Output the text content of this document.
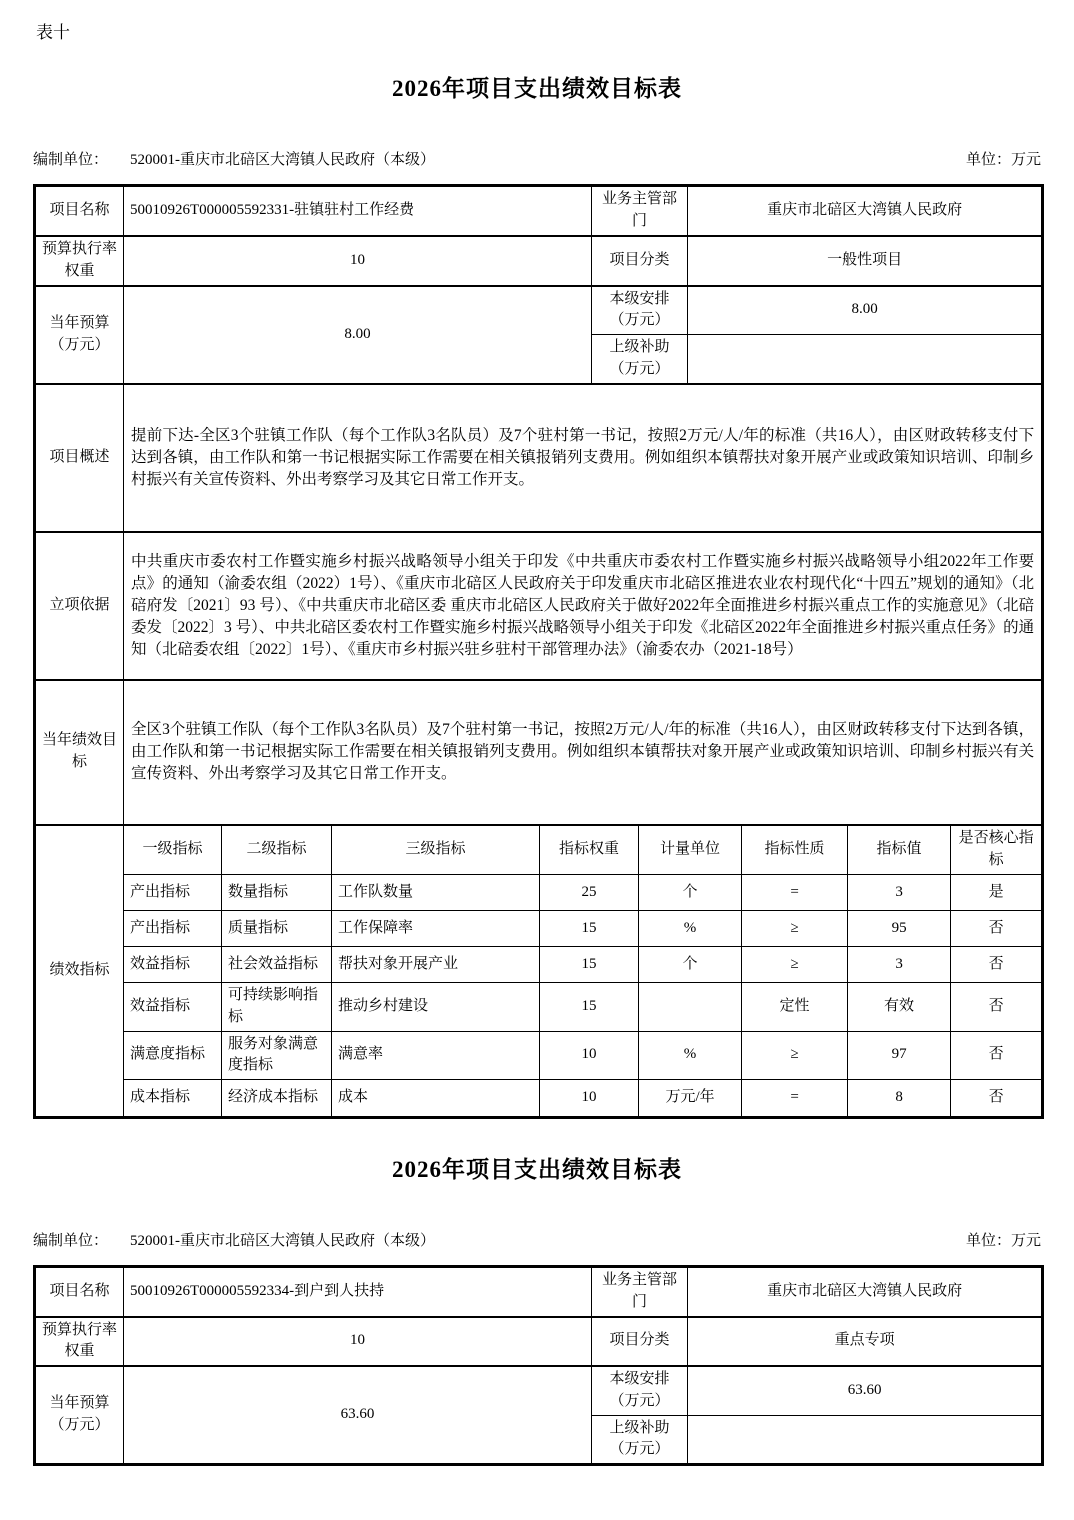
表十
2026年项目支出绩效目标表
编制单位： 520001-重庆市北碚区大湾镇人民政府（本级）	单位：万元
项目名称	50010926T000005592331-驻镇驻村工作经费				业务主管部门		重庆市北碚区大湾镇人民政府			
预算执行率权重	10				项目分类		一般性项目			
当年预算（万元）	8.00				本级安排（万元）		8.00			
					上级补助（万元）					
项目概述	提前下达-全区3个驻镇工作队（每个工作队3名队员）及7个驻村第一书记，按照2万元/人/年的标准（共16人），由区财政转移支付下达到各镇，由工作队和第一书记根据实际工作需要在相关镇报销列支费用。例如组织本镇帮扶对象开展产业或政策知识培训、印制乡村振兴有关宣传资料、外出考察学习及其它日常工作开支。									
立项依据	中共重庆市委农村工作暨实施乡村振兴战略领导小组关于印发《中共重庆市委农村工作暨实施乡村振兴战略领导小组2022年工作要点》的通知（渝委农组（2022）1号）、《重庆市北碚区人民政府关于印发重庆市北碚区推进农业农村现代化“十四五”规划的通知》（北碚府发〔2021〕93 号）、《中共重庆市北碚区委 重庆市北碚区人民政府关于做好2022年全面推进乡村振兴重点工作的实施意见》（北碚委发〔2022〕3 号）、中共北碚区委农村工作暨实施乡村振兴战略领导小组关于印发《北碚区2022年全面推进乡村振兴重点任务》的通知（北碚委农组〔2022〕1号）、《重庆市乡村振兴驻乡驻村干部管理办法》（渝委农办（2021-18号）									
当年绩效目标	全区3个驻镇工作队（每个工作队3名队员）及7个驻村第一书记，按照2万元/人/年的标准（共16人），由区财政转移支付下达到各镇，由工作队和第一书记根据实际工作需要在相关镇报销列支费用。例如组织本镇帮扶对象开展产业或政策知识培训、印制乡村振兴有关宣传资料、外出考察学习及其它日常工作开支。									
绩效指标	一级指标	二级指标	三级指标	指标权重		计量单位		指标性质	指标值	是否核心指标
	产出指标	数量指标	工作队数量	25		个		=	3	是
	产出指标	质量指标	工作保障率	15		%		≥	95	否
	效益指标	社会效益指标	帮扶对象开展产业	15		个		≥	3	否
	效益指标	可持续影响指标	推动乡村建设	15				定性	有效	否
	满意度指标	服务对象满意度指标	满意率	10		%		≥	97	否
	成本指标	经济成本指标	成本	10		万元/年		=	8	否
2026年项目支出绩效目标表
编制单位： 520001-重庆市北碚区大湾镇人民政府（本级）	单位：万元
项目名称	50010926T000005592334-到户到人扶持	业务主管部门	重庆市北碚区大湾镇人民政府
预算执行率权重	10	项目分类	重点专项
当年预算（万元）	63.60	本级安排（万元）	63.60
		上级补助（万元）	
